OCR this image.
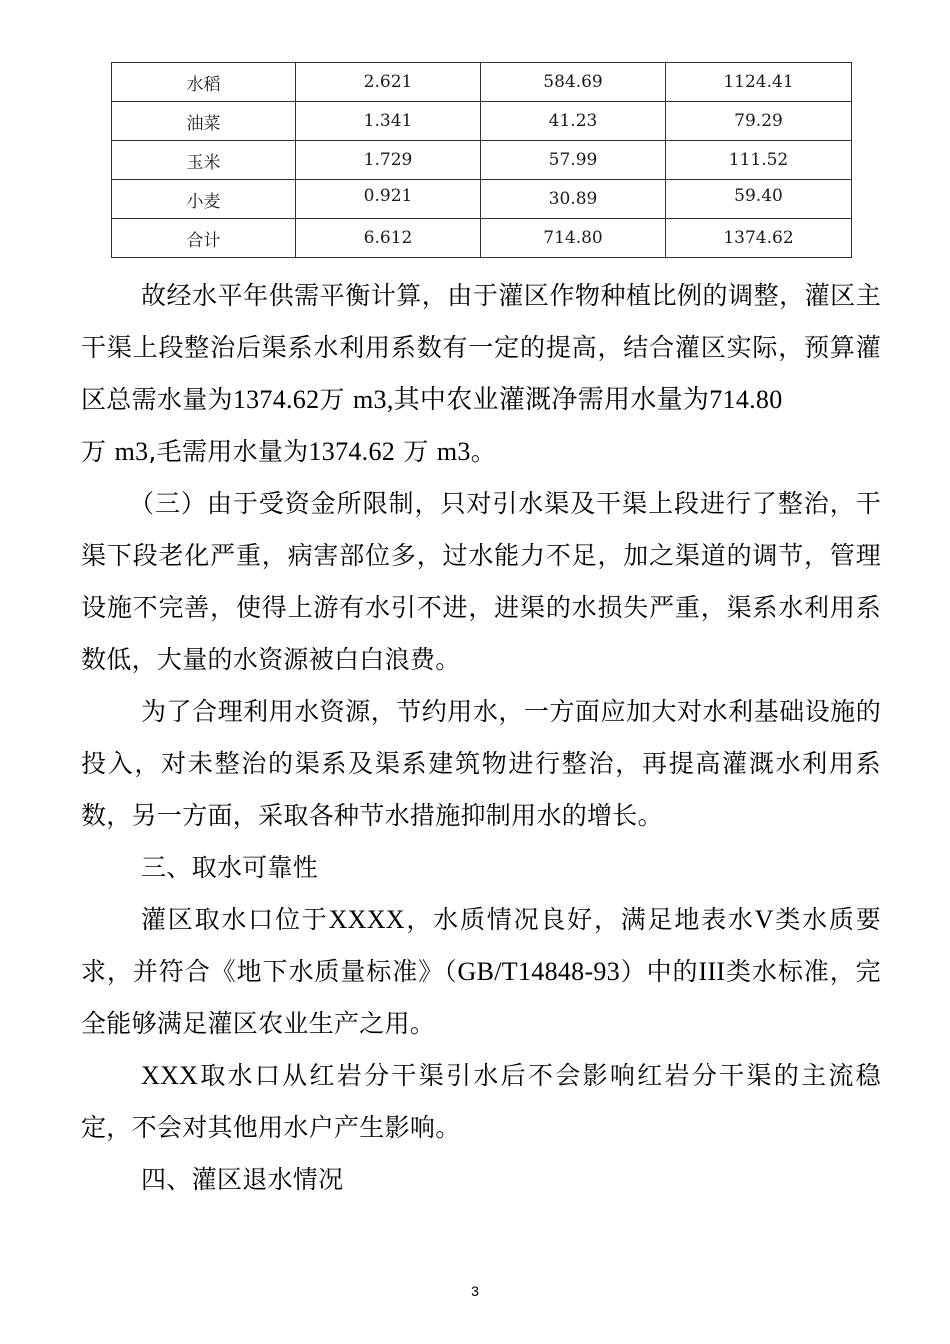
水稻	2.621	584.69	1124.41
油菜	1.341	41.23	79.29
玉米	1.729	57.99	111.52
小麦	0.921	30.89	59.40
合计	6.612	714.80	1374.62
故经水平年供需平衡计算，由于灌区作物种植比例的调整，灌区主干渠上段整治后渠系水利用系数有一定的提高，结合灌区实际，预算灌区总需水量为1374.62万 m3,其中农业灌溉净需用水量为714.80
万 m3,毛需用水量为1374.62 万 m3。
（三）由于受资金所限制，只对引水渠及干渠上段进行了整治，干渠下段老化严重，病害部位多，过水能力不足，加之渠道的调节，管理设施不完善，使得上游有水引不进，进渠的水损失严重，渠系水利用系数低，大量的水资源被白白浪费。
为了合理利用水资源，节约用水，一方面应加大对水利基础设施的投入，对未整治的渠系及渠系建筑物进行整治，再提高灌溉水利用系数，另一方面，采取各种节水措施抑制用水的增长。
三、取水可靠性
灌区取水口位于XXXX，水质情况良好，满足地表水V类水质要求，并符合《地下水质量标准》（GB/T14848-93）中的III类水标准，完全能够满足灌区农业生产之用。
XXX取水口从红岩分干渠引水后不会影响红岩分干渠的主流稳定，不会对其他用水户产生影响。
四、灌区退水情况
3
